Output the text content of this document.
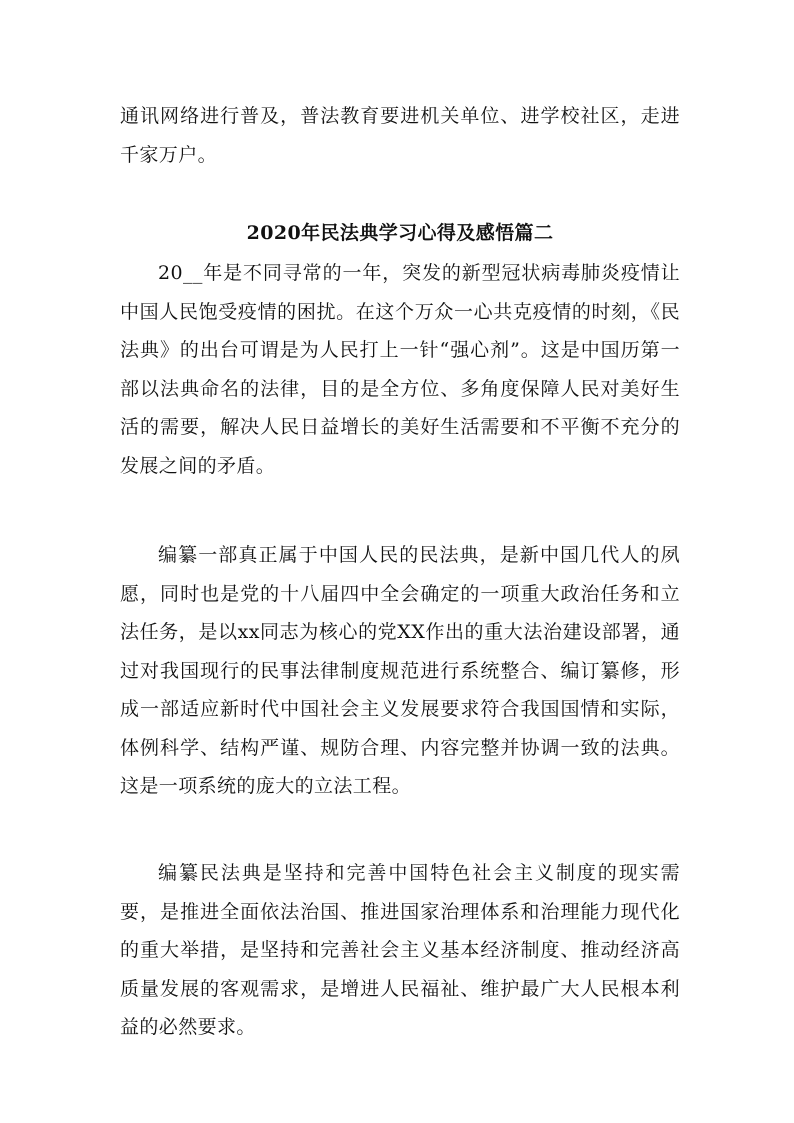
通讯网络进行普及，普法教育要进机关单位、进学校社区，走进千家万户。

2020年民法典学习心得及感悟篇二

20__年是不同寻常的一年，突发的新型冠状病毒肺炎疫情让中国人民饱受疫情的困扰。在这个万众一心共克疫情的时刻，《民法典》的出台可谓是为人民打上一针“强心剂”。这是中国历第一部以法典命名的法律，目的是全方位、多角度保障人民对美好生活的需要，解决人民日益增长的美好生活需要和不平衡不充分的发展之间的矛盾。

编纂一部真正属于中国人民的民法典，是新中国几代人的夙愿，同时也是党的十八届四中全会确定的一项重大政治任务和立法任务，是以xx同志为核心的党XX作出的重大法治建设部署，通过对我国现行的民事法律制度规范进行系统整合、编订纂修，形成一部适应新时代中国社会主义发展要求符合我国国情和实际，体例科学、结构严谨、规防合理、内容完整并协调一致的法典。这是一项系统的庞大的立法工程。

编纂民法典是坚持和完善中国特色社会主义制度的现实需要，是推进全面依法治国、推进国家治理体系和治理能力现代化的重大举措，是坚持和完善社会主义基本经济制度、推动经济高质量发展的客观需求，是增进人民福祉、维护最广大人民根本利益的必然要求。
